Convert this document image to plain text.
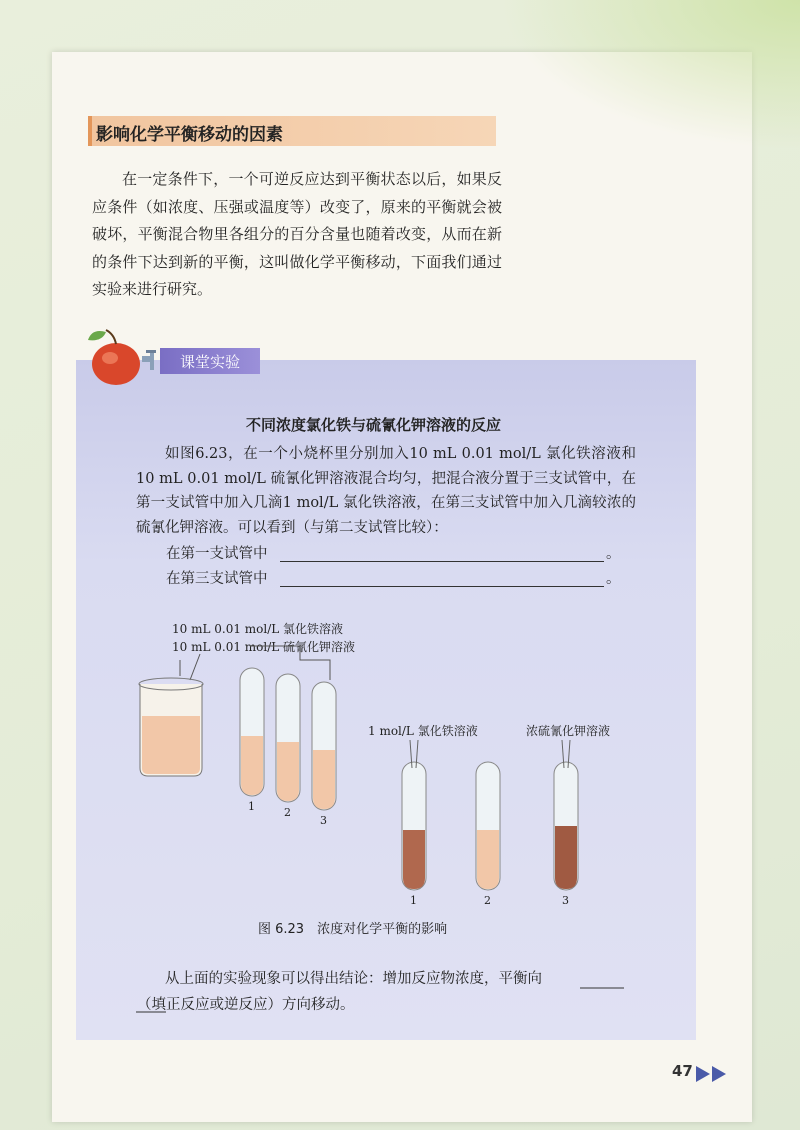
影响化学平衡移动的因素
在一定条件下，一个可逆反应达到平衡状态以后，如果反应条件（如浓度、压强或温度等）改变了，原来的平衡就会被破坏，平衡混合物里各组分的百分含量也随着改变，从而在新的条件下达到新的平衡，这叫做化学平衡移动，下面我们通过实验来进行研究。
课堂实验
不同浓度氯化铁与硫氰化钾溶液的反应
如图6.23，在一个小烧杯里分别加入10 mL 0.01 mol/L 氯化铁溶液和10 mL 0.01 mol/L 硫氰化钾溶液混合均匀，把混合液分置于三支试管中，在第一支试管中加入几滴1 mol/L 氯化铁溶液，在第三支试管中加入几滴较浓的硫氰化钾溶液。可以看到（与第二支试管比较）：
在第一支试管中	。
在第三支试管中	。
10 mL 0.01 mol/L 氯化铁溶液
10 mL 0.01 mol/L 硫氰化钾溶液
1	2
3
1 mol/L 氯化铁溶液	浓硫氰化钾溶液
1	2	3
图 6.23　浓度对化学平衡的影响
从上面的实验现象可以得出结论：增加反应物浓度，平衡向
（填正反应或逆反应）方向移动。
47
